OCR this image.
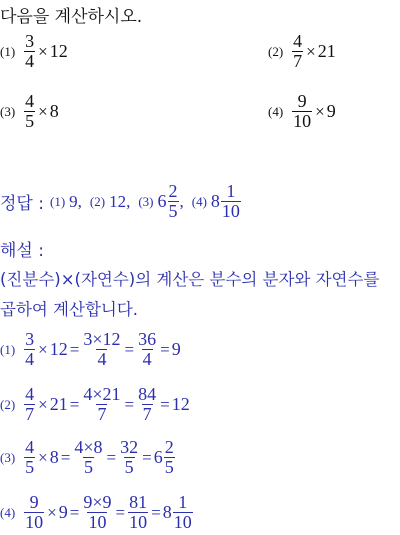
다음을 계산하시오.
$(1) \frac{3}{4} \times 12$	$(2) \frac{4}{7} \times 21$
$(3) \frac{4}{5} \times 8$	$(4) \frac{9}{10} \times 9$
정답 : (1) 9, (2) 12, (3) $6 \frac{2}{5}$ , (4) $8 \frac{1}{10}$
해설 :
(진분수)×(자연수)의 계산은 분수의 분자와 자연수를
곱하여 계산합니다.
$(1) \frac{3}{4} \times 12 = \frac{3\times 12}{4} = \frac{36}{4} = 9$
$(2) \frac{4}{7} \times 21 = \frac{4\times 21}{7} = \frac{84}{7} = 12$
$(3) \frac{4}{5} \times 8 = \frac{4\times 8}{5} = \frac{32}{5} = 6 \frac{2}{5}$
$(4) \frac{9}{10} \times 9 = \frac{9\times 9}{10} = \frac{81}{10} = 8 \frac{1}{10}$
